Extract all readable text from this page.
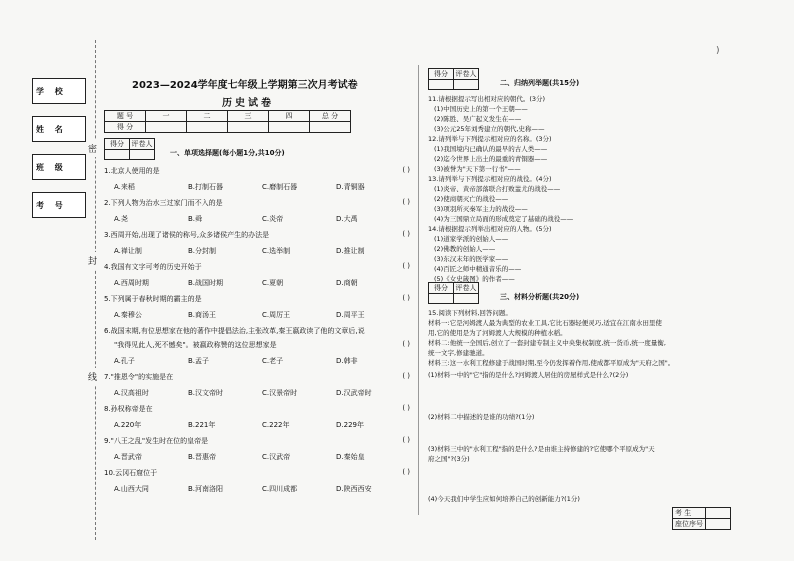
学 校
姓 名
班 级
考 号
密
封
线
2023—2024学年度七年级上学期第三次月考试卷
历史试卷
题 号	一	二	三	四	总 分
得 分					
得分	评卷人

一、单项选择题(每小题1分,共10分)
1.北京人使用的是	( )
A.来稻	B.打制石器	C.磨制石器	D.青铜器
2.下列人物为治水三过家门而不入的是	( )
A.尧	B.舜	C.炎帝	D.大禹
3.西周开始,出现了诸侯的称号,众多诸侯产生的办法是	( )
A.禅让制	B.分封制	C.选举制	D.推让制
4.我国有文字可考的历史开始于	( )
A.西周时期	B.战国时期	C.夏朝	D.商朝
5.下列属于春秋时期的霸主的是	( )
A.秦穆公	B.商汤王	C.周厉王	D.周平王
6.战国末期,有位思想家在他的著作中提倡法治,主张改革,秦王嬴政读了他的文章后,说
"我得见此人,死不憾矣"。被嬴政称赞的这位思想家是	( )
A.孔子	B.孟子	C.老子	D.韩非
7."推恩令"的实施是在	( )
A.汉高祖时	B.汉文帝时	C.汉景帝时	D.汉武帝时
8.孙权称帝是在	( )
A.220年	B.221年	C.222年	D.229年
9."八王之乱"发生时在位的皇帝是	( )
A.晋武帝	B.晋惠帝	C.汉武帝	D.秦始皇
10.云冈石窟位于	( )
A.山西大同	B.河南洛阳	C.四川成都	D.陕西西安
)
得分	评卷人

二、归纳列举题(共15分)
11.请根据提示写出相对应的朝代。(3分)
(1)中国历史上的第一个王朝——
(2)陈胜、吴广起义发生在——
(3)公元25年刘秀建立的朝代,史称——
12.请列举与下列提示相对应的名称。(3分)
(1)我国境内已确认的最早的古人类——
(2)迄今世界上出土的最重的青铜器——
(3)被誉为"天下第一行书"——
13.请列举与下列提示相对应的战役。(4分)
(1)炎帝、黄帝部落联合打败蚩尤的战役——
(2)使商朝灭亡的战役——
(3)项羽所灭秦军主力的战役——
(4)为三国鼎立局面的形成奠定了基础的战役——
14.请根据提示列举出相对应的人物。(5分)
(1)道家学派的创始人——
(2)佛教的创始人——
(3)东汉末年的医学家——
(4)百匠之师中精通音乐的——
(5)《女史箴图》的作者——
得分	评卷人

三、材料分析题(共20分)
15.阅读下列材料,回答问题。
材料一:它是河姆渡人最为典型的农业工具,它比石器轻便灵巧,适宜在江南水田里使
用,它的使用是为了河姆渡人大规模的种植水稻。
材料二:他统一全国后,创立了一套封建专制主义中央集权制度,统一货币,统一度量衡,
统一文字,修建驰道。
材料三:这一水利工程修建于战国时期,至今仍发挥着作用,使成都平原成为"天府之国"。
(1)材料一中的"它"指的是什么?河姆渡人居住的房屋样式是什么?(2分)
(2)材料二中描述的是谁的功绩?(1分)
(3)材料三中的"水利工程"指的是什么?是由谁主持修建的?它使哪个平原成为"天
府之国"?(3分)
(4)今天我们中学生应如何培养自己的创新能力?(1分)
考 生	
座位序号	
